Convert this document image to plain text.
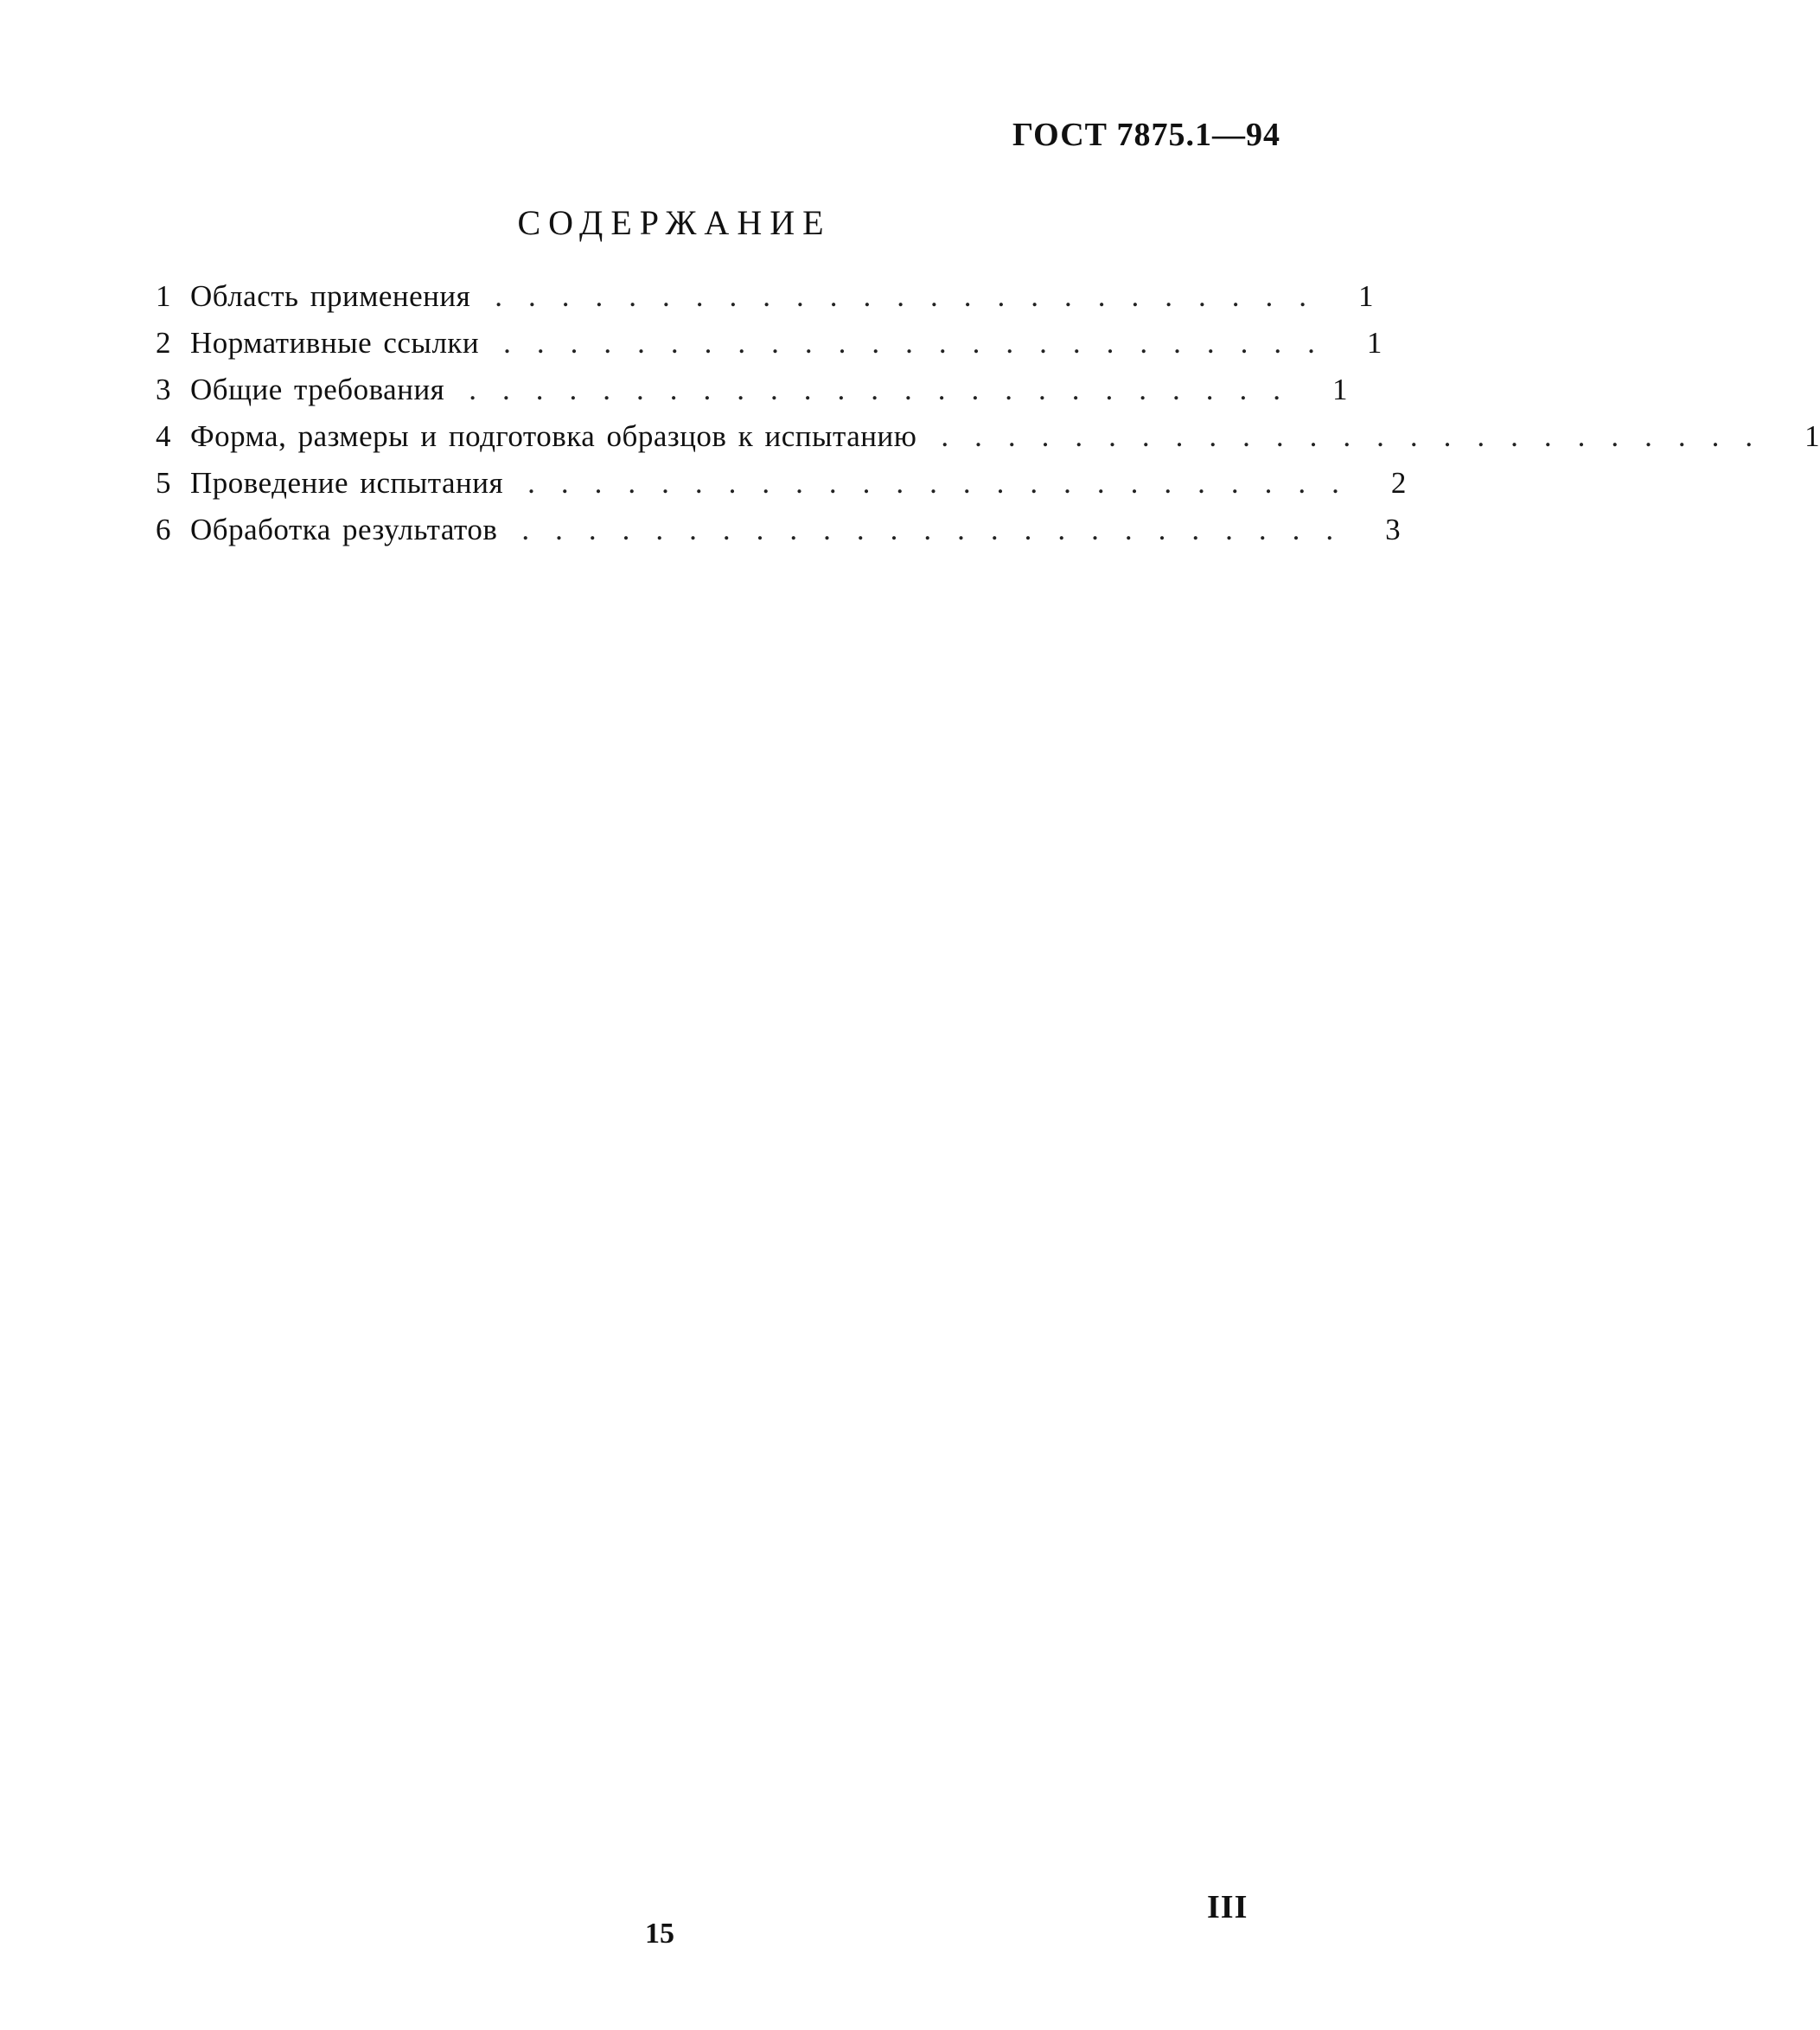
ГОСТ 7875.1—94
СОДЕРЖАНИЕ
1 Область применения ......................... 1
2 Нормативные ссылки ......................... 1
3 Общие требования ......................... 1
4 Форма, размеры и подготовка образцов к испытанию ......................... 1
5 Проведение испытания ......................... 2
6 Обработка результатов ......................... 3
15
III
